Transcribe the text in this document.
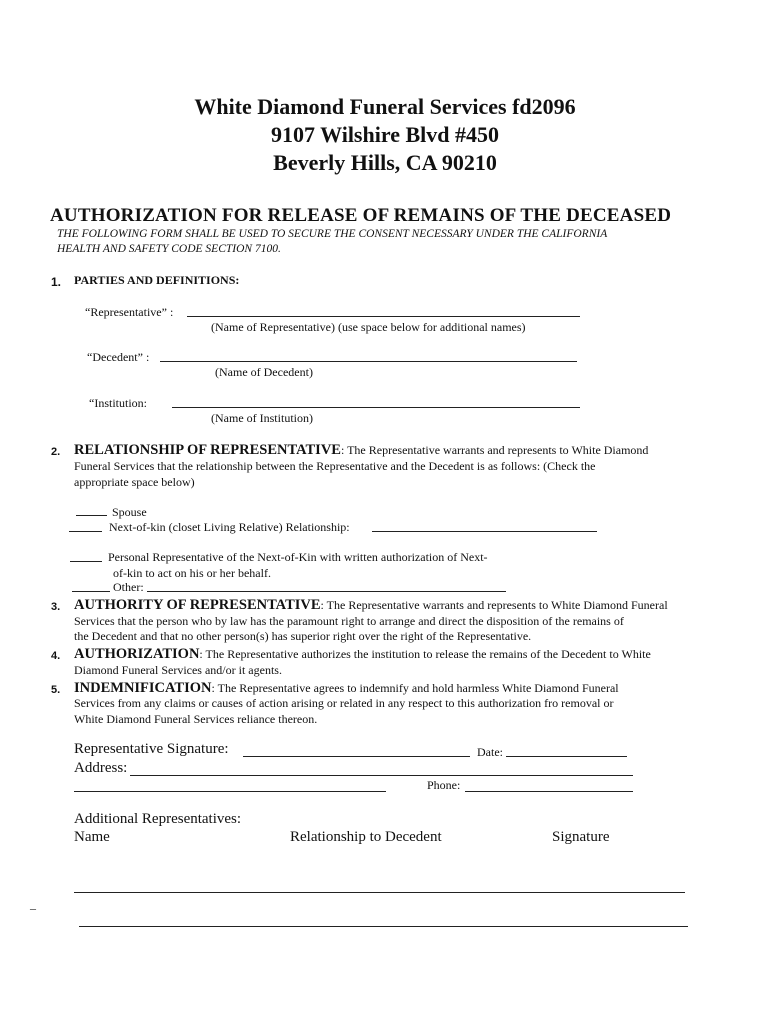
White Diamond Funeral Services fd2096
9107 Wilshire Blvd #450
Beverly Hills, CA 90210
AUTHORIZATION FOR RELEASE OF REMAINS OF THE DECEASED
THE FOLLOWING FORM SHALL BE USED TO SECURE THE CONSENT NECESSARY UNDER THE CALIFORNIA
HEALTH AND SAFETY CODE SECTION 7100.
1. PARTIES AND DEFINITIONS:
“Representative” :
(Name of Representative) (use space below for additional names)
“Decedent” :
(Name of Decedent)
“Institution:
(Name of Institution)
2. RELATIONSHIP OF REPRESENTATIVE: The Representative warrants and represents to White Diamond
Funeral Services that the relationship between the Representative and the Decedent is as follows: (Check the
appropriate space below)
Spouse
Next-of-kin (closet Living Relative) Relationship:
Personal Representative of the Next-of-Kin with written authorization of Next-
of-kin to act on his or her behalf.
Other:
3. AUTHORITY OF REPRESENTATIVE: The Representative warrants and represents to White Diamond Funeral
Services that the person who by law has the paramount right to arrange and direct the disposition of the remains of
the Decedent and that no other person(s) has superior right over the right of the Representative.
4. AUTHORIZATION: The Representative authorizes the institution to release the remains of the Decedent to White
Diamond Funeral Services and/or it agents.
5. INDEMNIFICATION: The Representative agrees to indemnify and hold harmless White Diamond Funeral
Services from any claims or causes of action arising or related in any respect to this authorization fro removal or
White Diamond Funeral Services reliance thereon.
Representative Signature:	Date:
Address:
Phone:
Additional Representatives:
Name	Relationship to Decedent	Signature
–
